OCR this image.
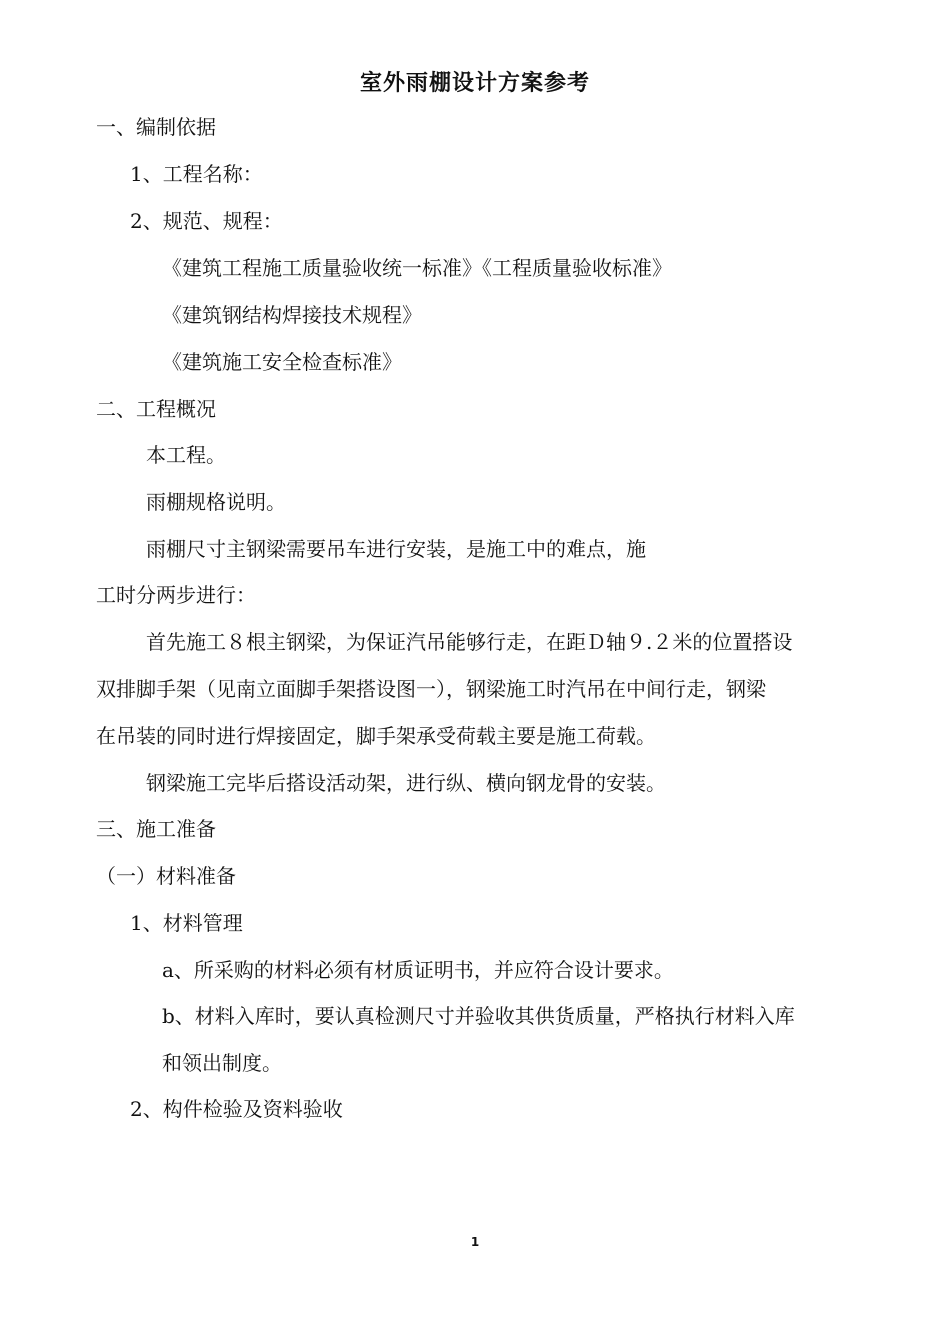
室外雨棚设计方案参考
一、编制依据
1、工程名称：
2、规范、规程：
《建筑工程施工质量验收统一标准》《工程质量验收标准》
《建筑钢结构焊接技术规程》
《建筑施工安全检查标准》
二、工程概况
本工程。
雨棚规格说明。
雨棚尺寸主钢梁需要吊车进行安装，是施工中的难点，施
工时分两步进行：
首先施工８根主钢梁，为保证汽吊能够行走，在距Ｄ轴９.２米的位置搭设
双排脚手架（见南立面脚手架搭设图一），钢梁施工时汽吊在中间行走，钢梁
在吊装的同时进行焊接固定，脚手架承受荷载主要是施工荷载。
钢梁施工完毕后搭设活动架，进行纵、横向钢龙骨的安装。
三、施工准备
（一）材料准备
1、材料管理
a、所采购的材料必须有材质证明书，并应符合设计要求。
b、材料入库时，要认真检测尺寸并验收其供货质量，严格执行材料入库
和领出制度。
2、构件检验及资料验收
1
